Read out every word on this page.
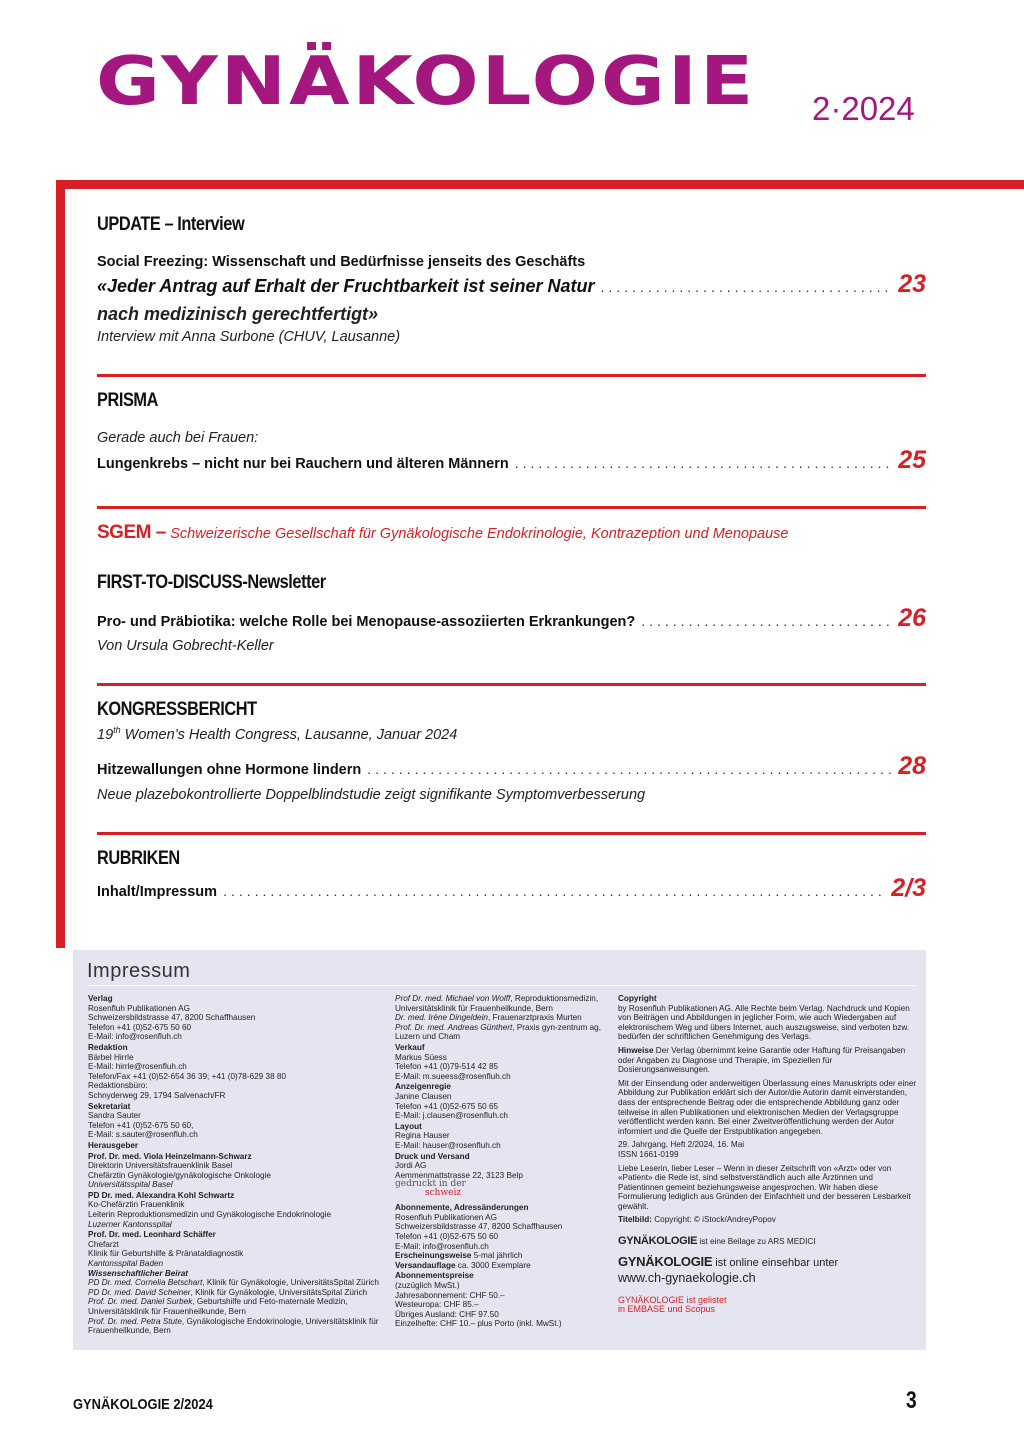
GYNÄKOLOGIE 2·2024
UPDATE – Interview
Social Freezing: Wissenschaft und Bedürfnisse jenseits des Geschäfts
«Jeder Antrag auf Erhalt der Fruchtbarkeit ist seiner Natur .....	23
nach medizinisch gerechtfertigt»
Interview mit Anna Surbone (CHUV, Lausanne)
PRISMA
Gerade auch bei Frauen:
Lungenkrebs – nicht nur bei Rauchern und älteren Männern .....	25
SGEM – Schweizerische Gesellschaft für Gynäkologische Endokrinologie, Kontrazeption und Menopause
FIRST-TO-DISCUSS-Newsletter
Pro- und Präbiotika: welche Rolle bei Menopause-assoziierten Erkrankungen? .....	26
Von Ursula Gobrecht-Keller
KONGRESSBERICHT
19th Women’s Health Congress, Lausanne, Januar 2024
Hitzewallungen ohne Hormone lindern .....	28
Neue plazebokontrollierte Doppelblindstudie zeigt signifikante Symptomverbesserung
RUBRIKEN
Inhalt/Impressum .....	2/3
Impressum
Verlag
Rosenfluh Publikationen AG
Schweizersbildstrasse 47, 8200 Schaffhausen
Telefon +41 (0)52-675 50 60
E-Mail: info@rosenfluh.ch
Redaktion
Bärbel Hirrle
E-Mail: hirrle@rosenfluh.ch
Telefon/Fax +41 (0)52-654 36 39; +41 (0)78-629 38 80
Redaktionsbüro:
Schnyderweg 29, 1794 Salvenach/FR
Sekretariat
Sandra Sauter
Telefon +41 (0)52-675 50 60,
E-Mail: s.sauter@rosenfluh.ch
Herausgeber
Prof. Dr. med. Viola Heinzelmann-Schwarz
Direktorin Universitätsfrauenklinik Basel
Chefärztin Gynäkologie/gynäkologische Onkologie
Universitätsspital Basel
PD Dr. med. Alexandra Kohl Schwartz
Ko-Chefärztin Frauenklinik
Leiterin Reproduktionsmedizin und Gynäkologische Endokrinologie
Luzerner Kantonsspital
Prof. Dr. med. Leonhard Schäffer
Chefarzt
Klinik für Geburtshilfe & Pränataldiagnostik
Kantonsspital Baden
Wissenschaftlicher Beirat
PD Dr. med. Cornelia Betschart, Klinik für Gynäkologie, UniversitätsSpital Zürich
PD Dr. med. David Scheiner, Klinik für Gynäkologie, UniversitätsSpital Zürich
Prof. Dr. med. Daniel Surbek, Geburtshilfe und Feto-maternale Medizin,
Universitätsklinik für Frauenheilkunde, Bern
Prof. Dr. med. Petra Stute, Gynäkologische Endokrinologie, Universitätsklinik für
Frauenheilkunde, Bern
Prof Dr. med. Michael von Wolff, Reproduktionsmedizin,
Universitätsklinik für Frauenheilkunde, Bern
Dr. med. Irène Dingeldein, Frauenarztpraxis Murten
Prof. Dr. med. Andreas Günthert, Praxis gyn-zentrum ag,
Luzern und Cham
Verkauf
Markus Süess
Telefon +41 (0)79-514 42 85
E-Mail: m.sueess@rosenfluh.ch
Anzeigenregie
Janine Clausen
Telefon +41 (0)52-675 50 65
E-Mail: j.clausen@rosenfluh.ch
Layout
Regina Hauser
E-Mail: hauser@rosenfluh.ch
Druck und Versand
Jordi AG
Aemmenmattstrasse 22, 3123 Belp
gedruckt in der
schweiz
Abonnemente, Adressänderungen
Rosenfluh Publikationen AG
Schweizersbildstrasse 47, 8200 Schaffhausen
Telefon +41 (0)52-675 50 60
E-Mail: info@rosenfluh.ch
Erscheinungsweise 5-mal jährlich
Versandauflage ca. 3000 Exemplare
Abonnementspreise
(zuzüglich MwSt.)
Jahresabonnement: CHF 50.–
Westeuropa: CHF 85.–
Übriges Ausland: CHF 97.50
Einzelhefte: CHF 10.– plus Porto (inkl. MwSt.)
Copyright
by Rosenfluh Publikationen AG. Alle Rechte beim Verlag. Nachdruck und Kopien von Beiträgen und Abbildungen in jeglicher Form, wie auch Wiedergaben auf elektronischem Weg und übers Internet, auch auszugsweise, sind verboten bzw. bedürfen der schriftlichen Genehmigung des Verlags.
Hinweise Der Verlag übernimmt keine Garantie oder Haftung für Preisangaben oder Angaben zu Diagnose und Therapie, im Speziellen für Dosierungsanweisungen.
Mit der Einsendung oder anderweitigen Überlassung eines Manuskripts oder einer Abbildung zur Publikation erklärt sich der Autor/die Autorin damit einverstanden, dass der entsprechende Beitrag oder die entsprechende Abbildung ganz oder teilweise in allen Publikationen und elektronischen Medien der Verlagsgruppe veröffentlicht werden kann. Bei einer Zweitveröffentlichung werden der Autor informiert und die Quelle der Erstpublikation angegeben.
29. Jahrgang, Heft 2/2024, 16. Mai
ISSN 1661-0199
Liebe Leserin, lieber Leser – Wenn in dieser Zeitschrift von «Arzt» oder von «Patient» die Rede ist, sind selbstverständlich auch alle Ärztinnen und Patientinnen gemeint beziehungsweise angesprochen. Wir haben diese Formulierung lediglich aus Gründen der Einfachheit und der besseren Lesbarkeit gewählt.
Titelbild: Copyright: © iStock/AndreyPopov
GYNÄKOLOGIE ist eine Beilage zu ARS MEDICI
GYNÄKOLOGIE ist online einsehbar unter
www.ch-gynaekologie.ch
GYNÄKOLOGIE ist gelistet
in EMBASE und Scopus
GYNÄKOLOGIE 2/2024	3
